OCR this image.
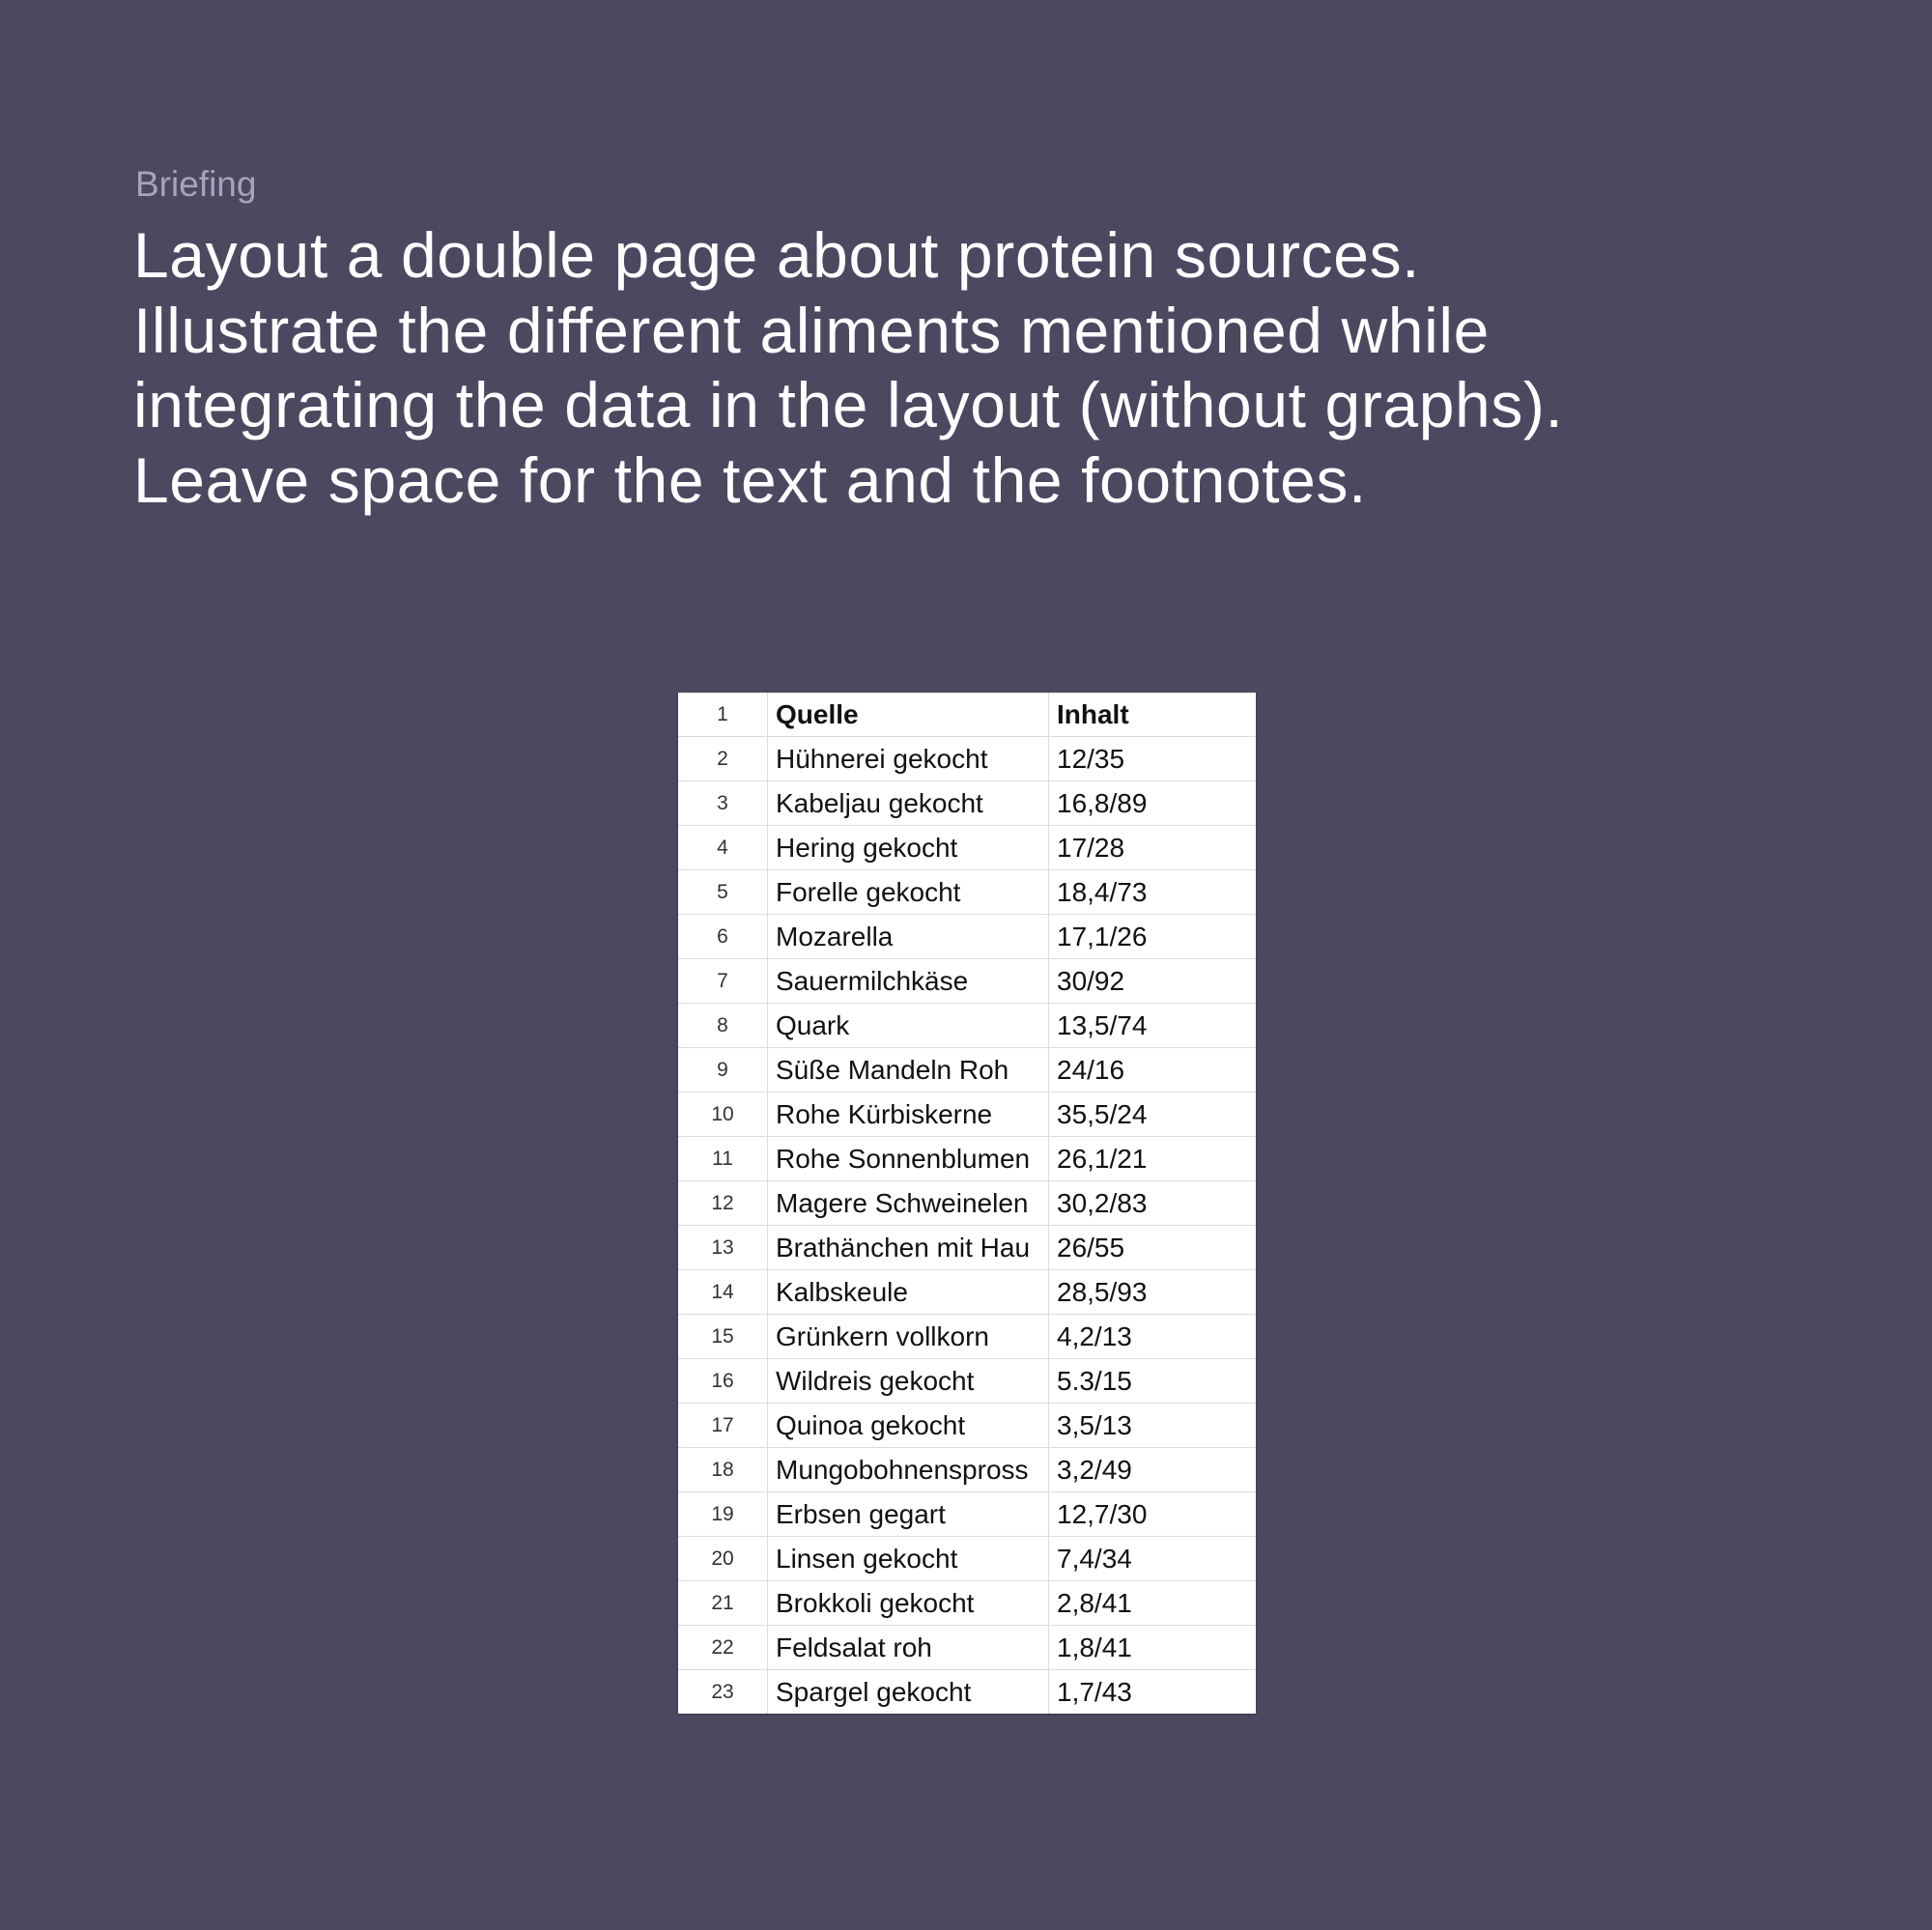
Briefing
Layout a double page about protein sources.
Illustrate the different aliments mentioned while
integrating the data in the layout (without graphs).
Leave space for the text and the footnotes.
1	Quelle	Inhalt
2	Hühnerei gekocht	12/35
3	Kabeljau gekocht	16,8/89
4	Hering gekocht	17/28
5	Forelle gekocht	18,4/73
6	Mozarella	17,1/26
7	Sauermilchkäse	30/92
8	Quark	13,5/74
9	Süße Mandeln Roh	24/16
10	Rohe Kürbiskerne	35,5/24
11	Rohe Sonnenblumen	26,1/21
12	Magere Schweinelen	30,2/83
13	Brathänchen mit Hau	26/55
14	Kalbskeule	28,5/93
15	Grünkern vollkorn	4,2/13
16	Wildreis gekocht	5.3/15
17	Quinoa gekocht	3,5/13
18	Mungobohnenspross	3,2/49
19	Erbsen gegart	12,7/30
20	Linsen gekocht	7,4/34
21	Brokkoli gekocht	2,8/41
22	Feldsalat roh	1,8/41
23	Spargel gekocht	1,7/43
